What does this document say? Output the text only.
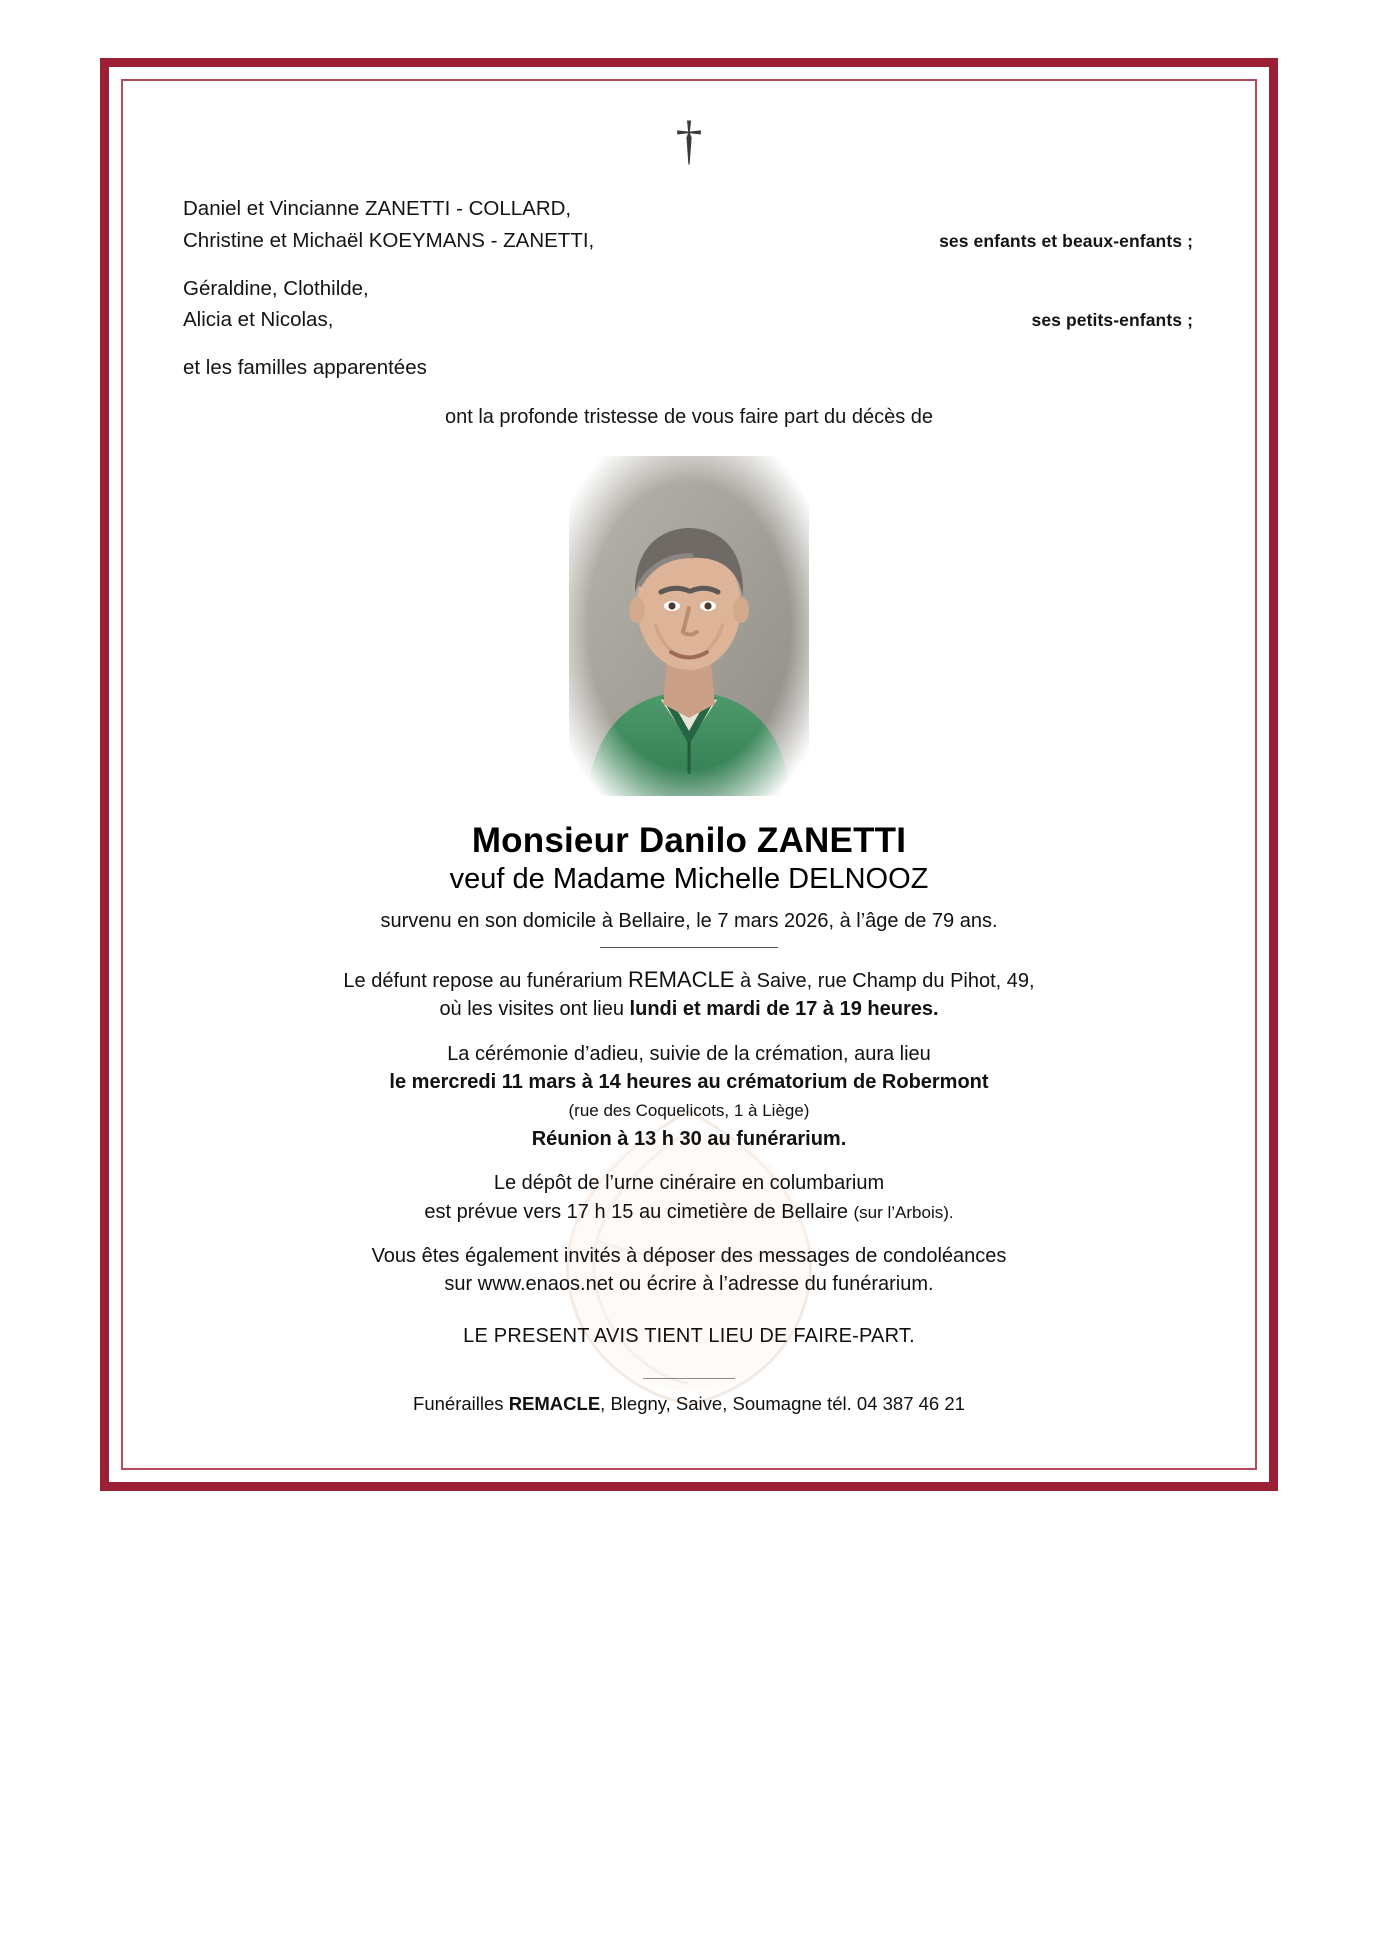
†
Daniel et Vincianne ZANETTI - COLLARD,
Christine et Michaël KOEYMANS - ZANETTI,	ses enfants et beaux-enfants ;
Géraldine, Clothilde,
Alicia et Nicolas,	ses petits-enfants ;
et les familles apparentées
ont la profonde tristesse de vous faire part du décès de
Monsieur Danilo ZANETTI
veuf de Madame Michelle DELNOOZ
survenu en son domicile à Bellaire, le 7 mars 2026, à l’âge de 79 ans.
Le défunt repose au funérarium REMACLE à Saive, rue Champ du Pihot, 49,
où les visites ont lieu lundi et mardi de 17 à 19 heures.
La cérémonie d’adieu, suivie de la crémation, aura lieu
le mercredi 11 mars à 14 heures au crématorium de Robermont
(rue des Coquelicots, 1 à Liège)
Réunion à 13 h 30 au funérarium.
Le dépôt de l’urne cinéraire en columbarium
est prévue vers 17 h 15 au cimetière de Bellaire (sur l’Arbois).
Vous êtes également invités à déposer des messages de condoléances
sur www.enaos.net ou écrire à l’adresse du funérarium.
LE PRESENT AVIS TIENT LIEU DE FAIRE-PART.
Funérailles REMACLE, Blegny, Saive, Soumagne tél. 04 387 46 21
